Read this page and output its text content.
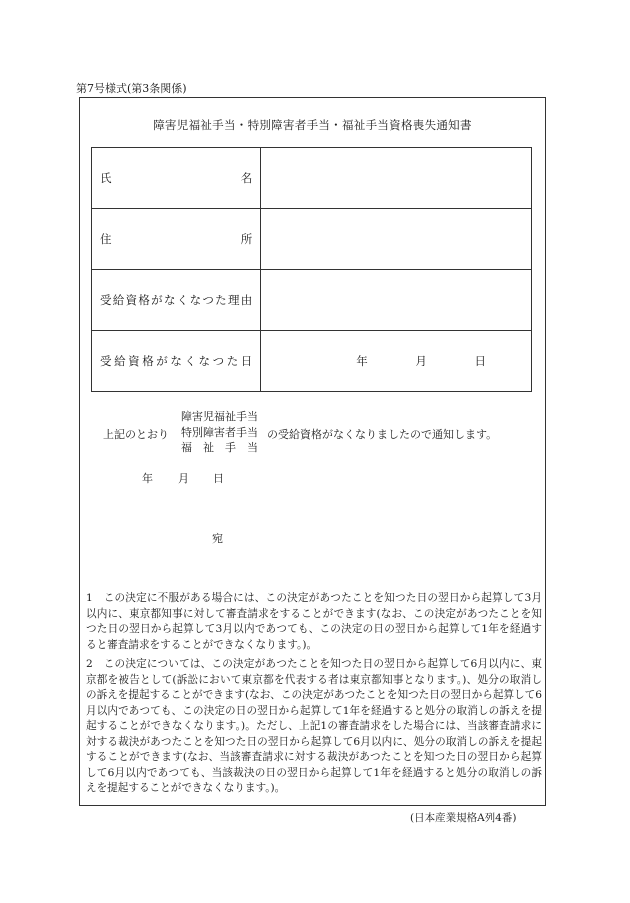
第7号様式(第3条関係)
障害児福祉手当・特別障害者手当・福祉手当資格喪失通知書
氏 名	

住 所	

受給資格がなくなつた理由	

受給資格がなくなつた日	年 月 日
上記のとおり
障害児福祉手当
特別障害者手当
福　祉　手　当
の受給資格がなくなりましたので通知します。
年 月 日
宛
1　この決定に不服がある場合には、この決定があつたことを知つた日の翌日から起算して3月以内に、東京都知事に対して審査請求をすることができます(なお、この決定があつたことを知つた日の翌日から起算して3月以内であつても、この決定の日の翌日から起算して1年を経過すると審査請求をすることができなくなります。)。
2　この決定については、この決定があつたことを知つた日の翌日から起算して6月以内に、東京都を被告として(訴訟において東京都を代表する者は東京都知事となります。)、処分の取消しの訴えを提起することができます(なお、この決定があつたことを知つた日の翌日から起算して6月以内であつても、この決定の日の翌日から起算して1年を経過すると処分の取消しの訴えを提起することができなくなります。)。ただし、上記1の審査請求をした場合には、当該審査請求に対する裁決があつたことを知つた日の翌日から起算して6月以内に、処分の取消しの訴えを提起することができます(なお、当該審査請求に対する裁決があつたことを知つた日の翌日から起算して6月以内であつても、当該裁決の日の翌日から起算して1年を経過すると処分の取消しの訴えを提起することができなくなります。)。
(日本産業規格A列4番)
